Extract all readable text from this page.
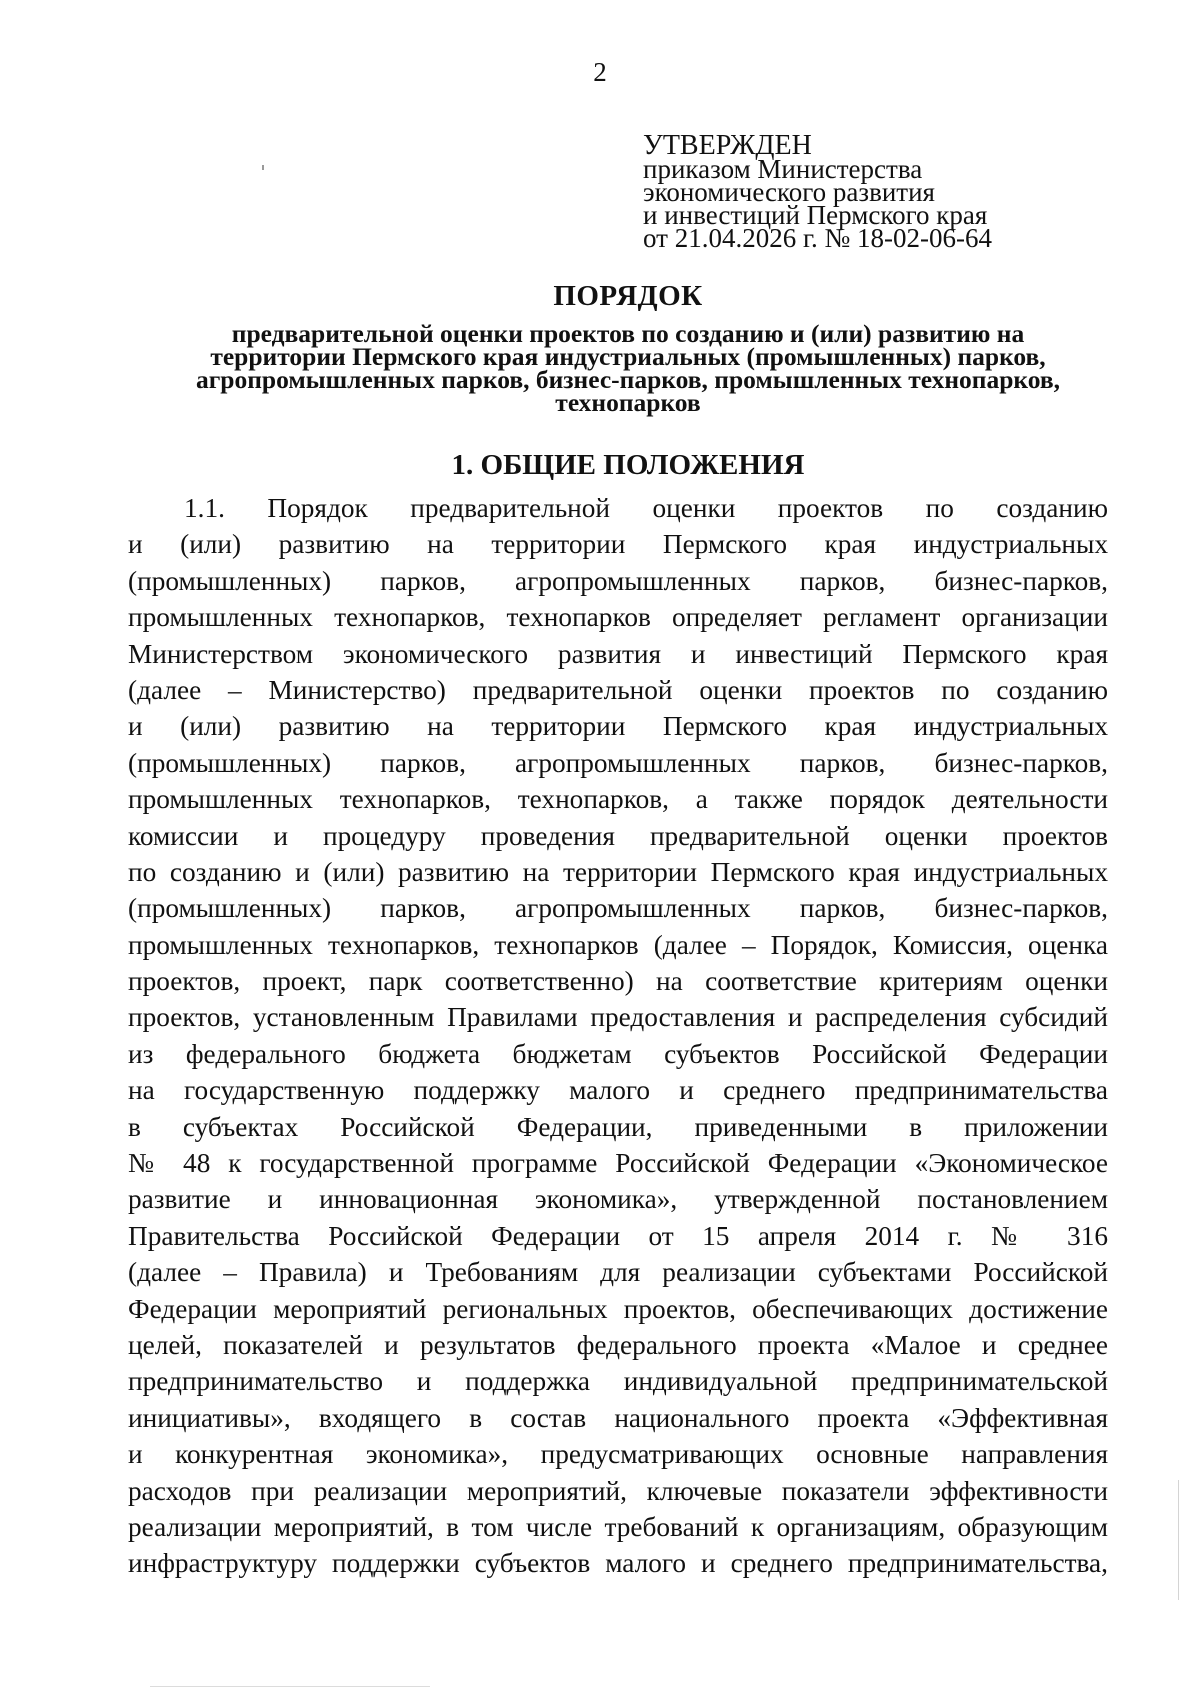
2
УТВЕРЖДЕН
приказом Министерства
экономического развития
и инвестиций Пермского края
от 21.04.2026 г. № 18-02-06-64
ПОРЯДОК
предварительной оценки проектов по созданию и (или) развитию на
территории Пермского края индустриальных (промышленных) парков,
агропромышленных парков, бизнес-парков, промышленных технопарков,
технопарков
1. ОБЩИЕ ПОЛОЖЕНИЯ
1.1. Порядок предварительной оценки проектов по созданию
и (или) развитию на территории Пермского края индустриальных
(промышленных) парков, агропромышленных парков, бизнес-парков,
промышленных технопарков, технопарков определяет регламент организации
Министерством экономического развития и инвестиций Пермского края
(далее – Министерство) предварительной оценки проектов по созданию
и (или) развитию на территории Пермского края индустриальных
(промышленных) парков, агропромышленных парков, бизнес-парков,
промышленных технопарков, технопарков, а также порядок деятельности
комиссии и процедуру проведения предварительной оценки проектов
по созданию и (или) развитию на территории Пермского края индустриальных
(промышленных) парков, агропромышленных парков, бизнес-парков,
промышленных технопарков, технопарков (далее – Порядок, Комиссия, оценка
проектов, проект, парк соответственно) на соответствие критериям оценки
проектов, установленным Правилами предоставления и распределения субсидий
из федерального бюджета бюджетам субъектов Российской Федерации
на государственную поддержку малого и среднего предпринимательства
в субъектах Российской Федерации, приведенными в приложении
№ 48 к государственной программе Российской Федерации «Экономическое
развитие и инновационная экономика», утвержденной постановлением
Правительства Российской Федерации от 15 апреля 2014 г. № 316
(далее – Правила) и Требованиям для реализации субъектами Российской
Федерации мероприятий региональных проектов, обеспечивающих достижение
целей, показателей и результатов федерального проекта «Малое и среднее
предпринимательство и поддержка индивидуальной предпринимательской
инициативы», входящего в состав национального проекта «Эффективная
и конкурентная экономика», предусматривающих основные направления
расходов при реализации мероприятий, ключевые показатели эффективности
реализации мероприятий, в том числе требований к организациям, образующим
инфраструктуру поддержки субъектов малого и среднего предпринимательства,
